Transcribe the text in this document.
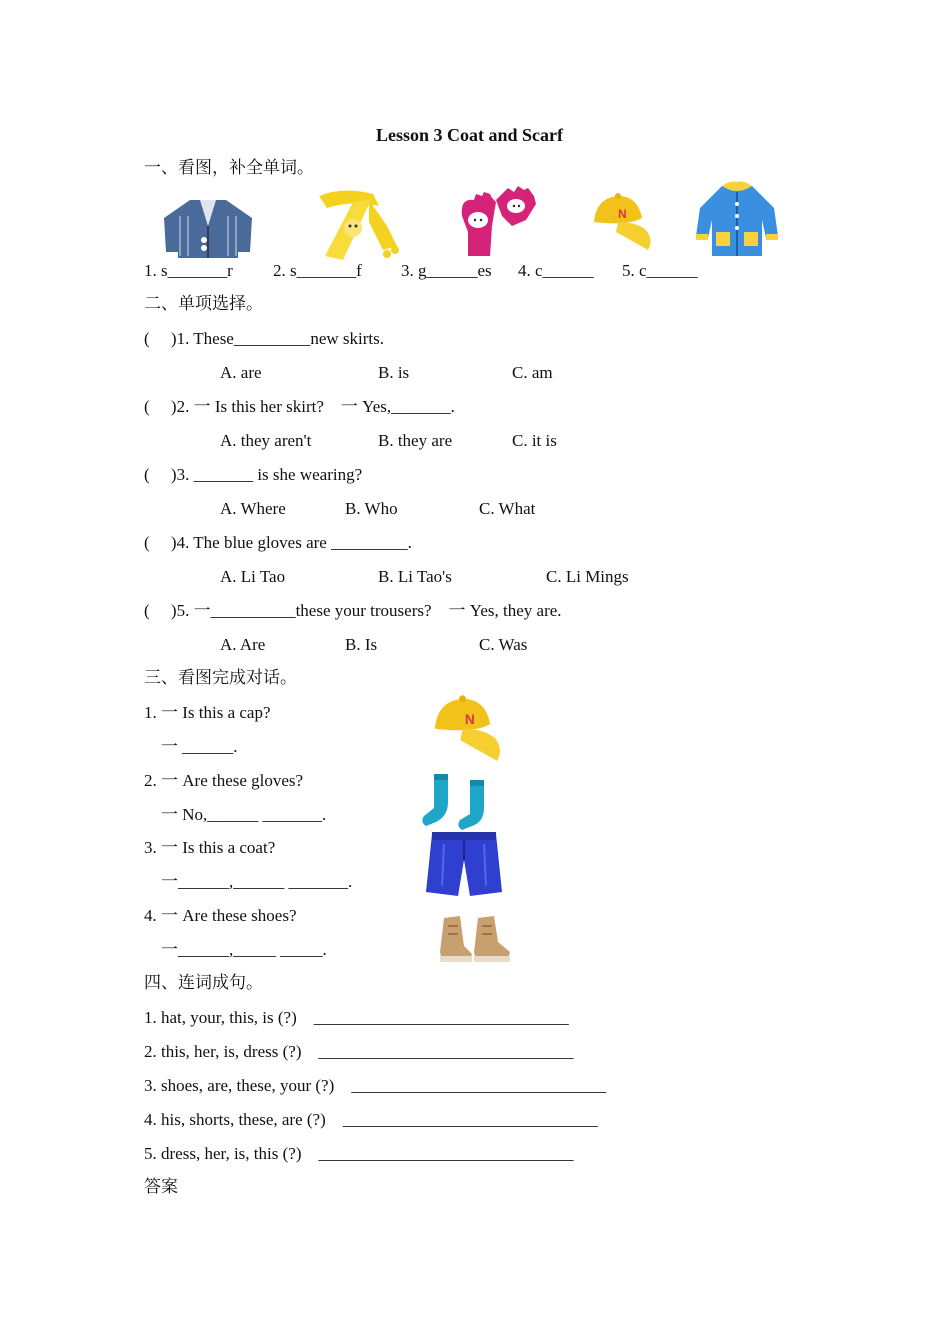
Lesson 3 Coat and Scarf
一、看图，补全单词。
N
1. s_______r 2. s_______f 3. g______es 4. c______ 5. c______
二、单项选择。
(     )1. These_________new skirts.
A. are	B. is	C. am
(     )2. 一 Is this her skirt?    一 Yes,_______.
A. they aren't	B. they are	C. it is
(     )3. _______ is she wearing?
A. Where	B. Who	C. What
(     )4. The blue gloves are _________.
A. Li Tao	B. Li Tao's	C. Li Mings
(     )5. 一__________these your trousers?    一 Yes, they are.
A. Are	B. Is	C. Was
三、看图完成对话。
1. 一 Is this a cap?
一 ______.
2. 一 Are these gloves?
一 No,______ _______.
3. 一 Is this a coat?
一______,______ _______.
4. 一 Are these shoes?
一______,_____ _____.
N
四、连词成句。
1. hat, your, this, is (?)    ______________________________
2. this, her, is, dress (?)    ______________________________
3. shoes, are, these, your (?)    ______________________________
4. his, shorts, these, are (?)    ______________________________
5. dress, her, is, this (?)    ______________________________
答案
